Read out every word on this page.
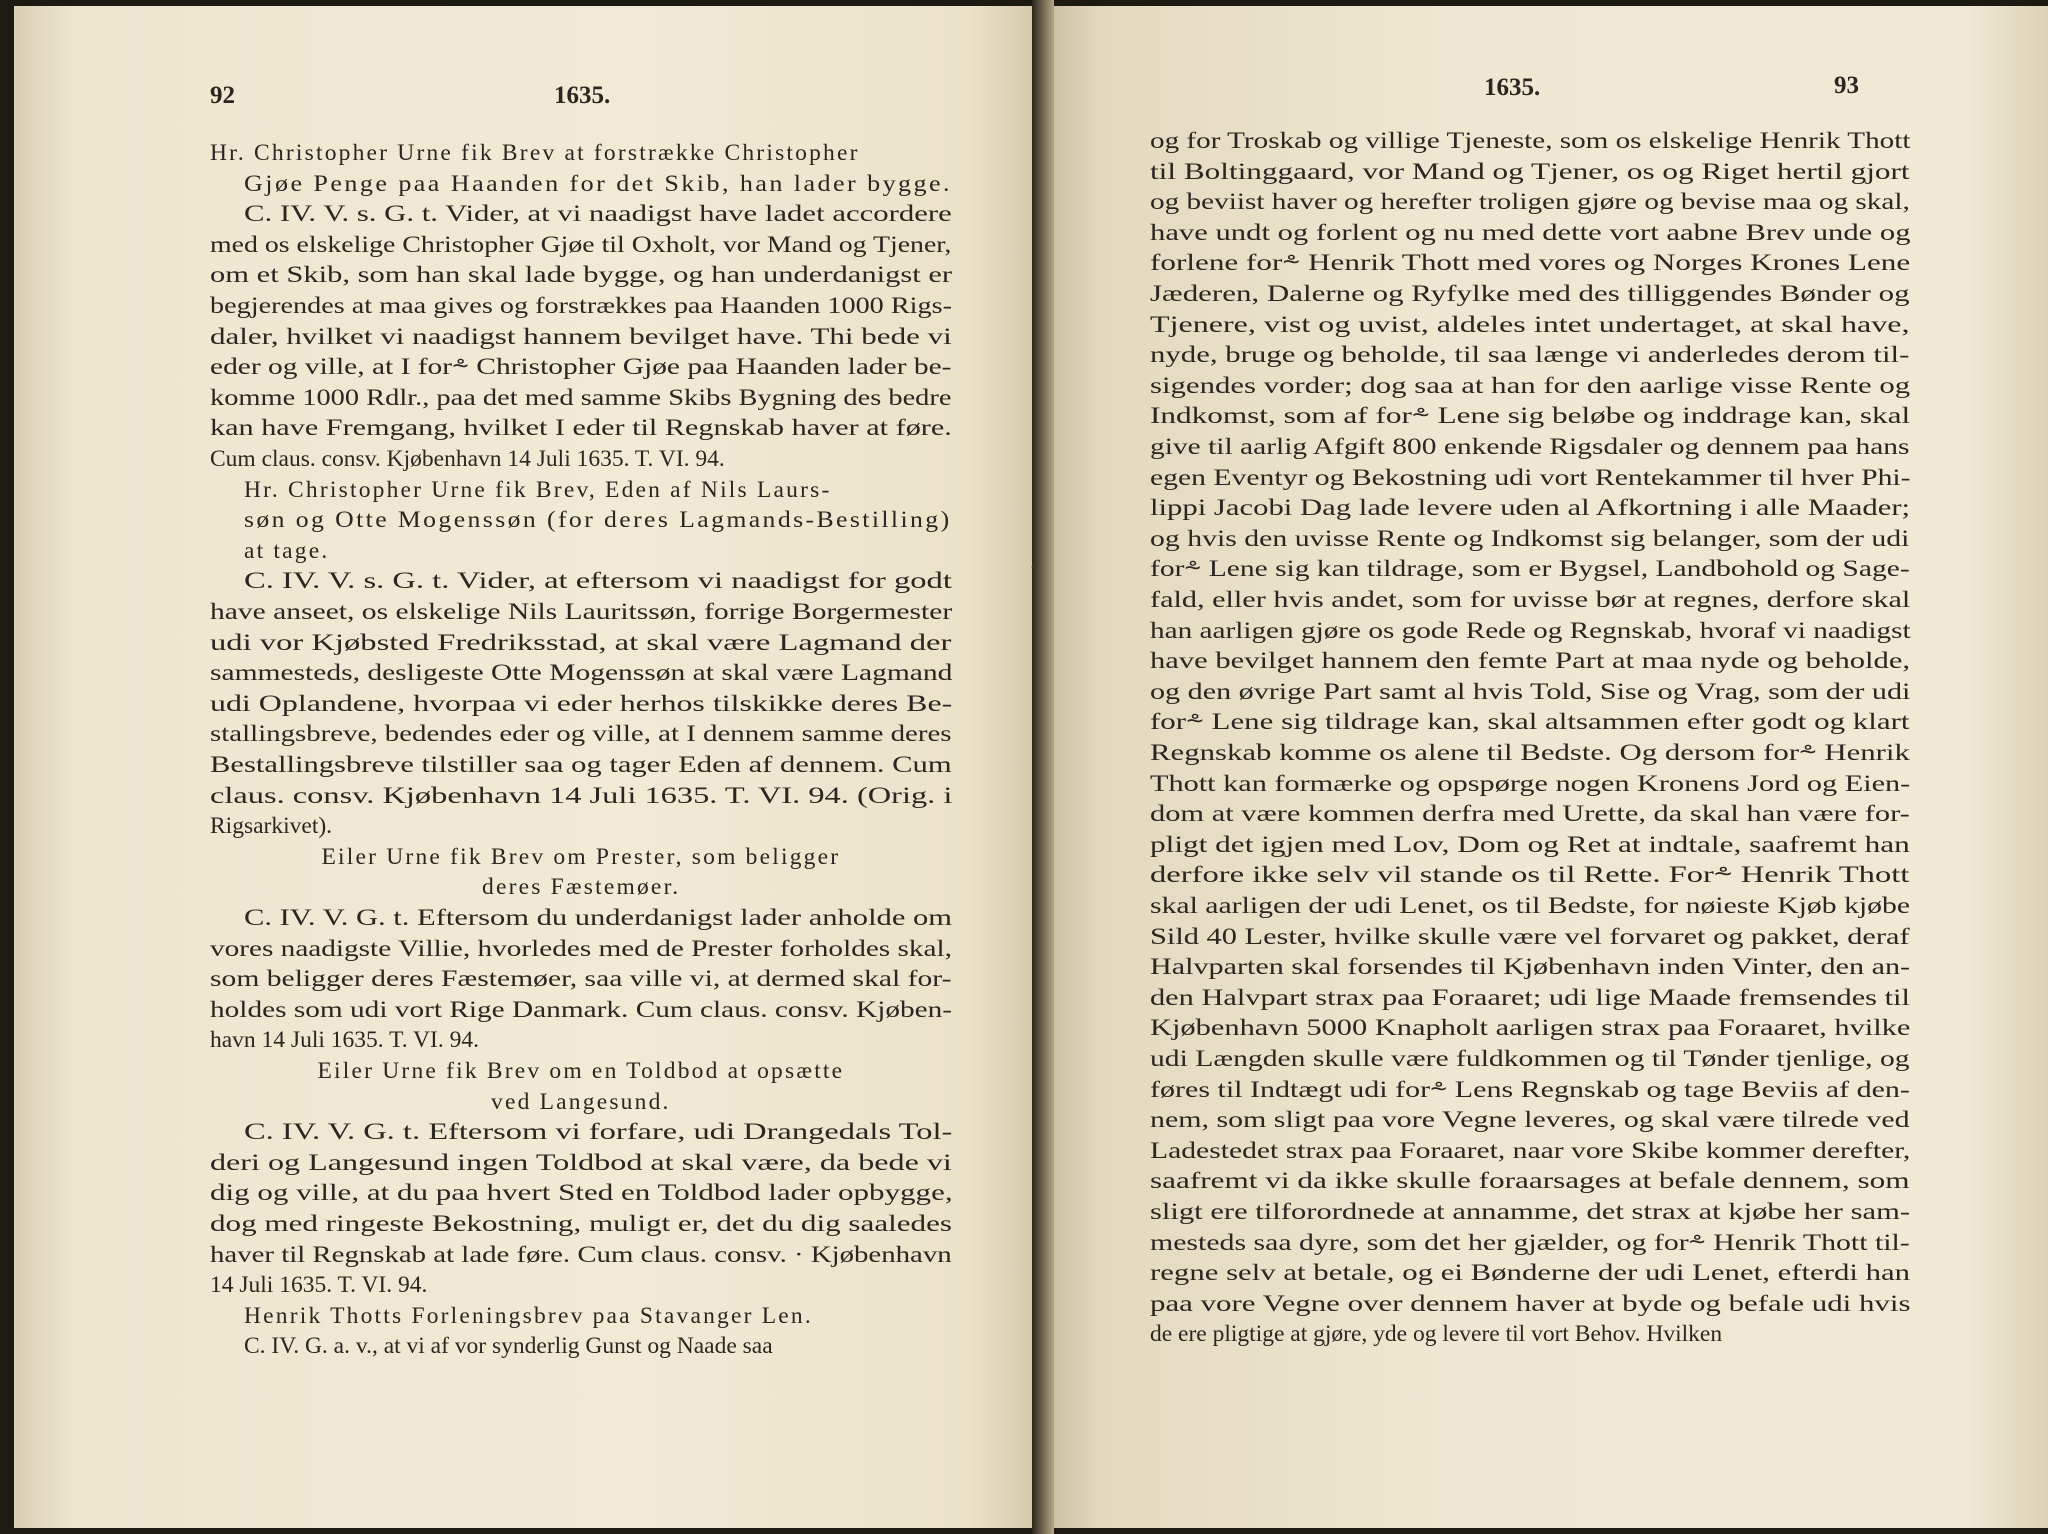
92	1635.
Hr. Christopher Urne fik Brev at forstrække Christopher
Gjøe Penge paa Haanden for det Skib, han lader bygge.
C. IV. V. s. G. t. Vider, at vi naadigst have ladet accordere
med os elskelige Christopher Gjøe til Oxholt, vor Mand og Tjener,
om et Skib, som han skal lade bygge, og han underdanigst er
begjerendes at maa gives og forstrækkes paa Haanden 1000 Rigs-
daler, hvilket vi naadigst hannem bevilget have. Thi bede vi
eder og ville, at I for⸛ Christopher Gjøe paa Haanden lader be-
komme 1000 Rdlr., paa det med samme Skibs Bygning des bedre
kan have Fremgang, hvilket I eder til Regnskab haver at føre.
Cum claus. consv. Kjøbenhavn 14 Juli 1635. T. VI. 94.
Hr. Christopher Urne fik Brev, Eden af Nils Laurs-
søn og Otte Mogenssøn (for deres Lagmands-Bestilling)
at tage.
C. IV. V. s. G. t. Vider, at eftersom vi naadigst for godt
have anseet, os elskelige Nils Lauritssøn, forrige Borgermester
udi vor Kjøbsted Fredriksstad, at skal være Lagmand der
sammesteds, desligeste Otte Mogenssøn at skal være Lagmand
udi Oplandene, hvorpaa vi eder herhos tilskikke deres Be-
stallingsbreve, bedendes eder og ville, at I dennem samme deres
Bestallingsbreve tilstiller saa og tager Eden af dennem. Cum
claus. consv. Kjøbenhavn 14 Juli 1635. T. VI. 94. (Orig. i
Rigsarkivet).
Eiler Urne fik Brev om Prester, som beligger
deres Fæstemøer.
C. IV. V. G. t. Eftersom du underdanigst lader anholde om
vores naadigste Villie, hvorledes med de Prester forholdes skal,
som beligger deres Fæstemøer, saa ville vi, at dermed skal for-
holdes som udi vort Rige Danmark. Cum claus. consv. Kjøben-
havn 14 Juli 1635. T. VI. 94.
Eiler Urne fik Brev om en Toldbod at opsætte
ved Langesund.
C. IV. V. G. t. Eftersom vi forfare, udi Drangedals Tol-
deri og Langesund ingen Toldbod at skal være, da bede vi
dig og ville, at du paa hvert Sted en Toldbod lader opbygge,
dog med ringeste Bekostning, muligt er, det du dig saaledes
haver til Regnskab at lade føre. Cum claus. consv. · Kjøbenhavn
14 Juli 1635. T. VI. 94.
Henrik Thotts Forleningsbrev paa Stavanger Len.
C. IV. G. a. v., at vi af vor synderlig Gunst og Naade saa
1635.	93
og for Troskab og villige Tjeneste, som os elskelige Henrik Thott
til Boltinggaard, vor Mand og Tjener, os og Riget hertil gjort
og beviist haver og herefter troligen gjøre og bevise maa og skal,
have undt og forlent og nu med dette vort aabne Brev unde og
forlene for⸛ Henrik Thott med vores og Norges Krones Lene
Jæderen, Dalerne og Ryfylke med des tilliggendes Bønder og
Tjenere, vist og uvist, aldeles intet undertaget, at skal have,
nyde, bruge og beholde, til saa længe vi anderledes derom til-
sigendes vorder; dog saa at han for den aarlige visse Rente og
Indkomst, som af for⸛ Lene sig beløbe og inddrage kan, skal
give til aarlig Afgift 800 enkende Rigsdaler og dennem paa hans
egen Eventyr og Bekostning udi vort Rentekammer til hver Phi-
lippi Jacobi Dag lade levere uden al Afkortning i alle Maader;
og hvis den uvisse Rente og Indkomst sig belanger, som der udi
for⸛ Lene sig kan tildrage, som er Bygsel, Landbohold og Sage-
fald, eller hvis andet, som for uvisse bør at regnes, derfore skal
han aarligen gjøre os gode Rede og Regnskab, hvoraf vi naadigst
have bevilget hannem den femte Part at maa nyde og beholde,
og den øvrige Part samt al hvis Told, Sise og Vrag, som der udi
for⸛ Lene sig tildrage kan, skal altsammen efter godt og klart
Regnskab komme os alene til Bedste. Og dersom for⸛ Henrik
Thott kan formærke og opspørge nogen Kronens Jord og Eien-
dom at være kommen derfra med Urette, da skal han være for-
pligt det igjen med Lov, Dom og Ret at indtale, saafremt han
derfore ikke selv vil stande os til Rette. For⸛ Henrik Thott
skal aarligen der udi Lenet, os til Bedste, for nøieste Kjøb kjøbe
Sild 40 Lester, hvilke skulle være vel forvaret og pakket, deraf
Halvparten skal forsendes til Kjøbenhavn inden Vinter, den an-
den Halvpart strax paa Foraaret; udi lige Maade fremsendes til
Kjøbenhavn 5000 Knapholt aarligen strax paa Foraaret, hvilke
udi Længden skulle være fuldkommen og til Tønder tjenlige, og
føres til Indtægt udi for⸛ Lens Regnskab og tage Beviis af den-
nem, som sligt paa vore Vegne leveres, og skal være tilrede ved
Ladestedet strax paa Foraaret, naar vore Skibe kommer derefter,
saafremt vi da ikke skulle foraarsages at befale dennem, som
sligt ere tilforordnede at annamme, det strax at kjøbe her sam-
mesteds saa dyre, som det her gjælder, og for⸛ Henrik Thott til-
regne selv at betale, og ei Bønderne der udi Lenet, efterdi han
paa vore Vegne over dennem haver at byde og befale udi hvis
de ere pligtige at gjøre, yde og levere til vort Behov. Hvilken
‹
